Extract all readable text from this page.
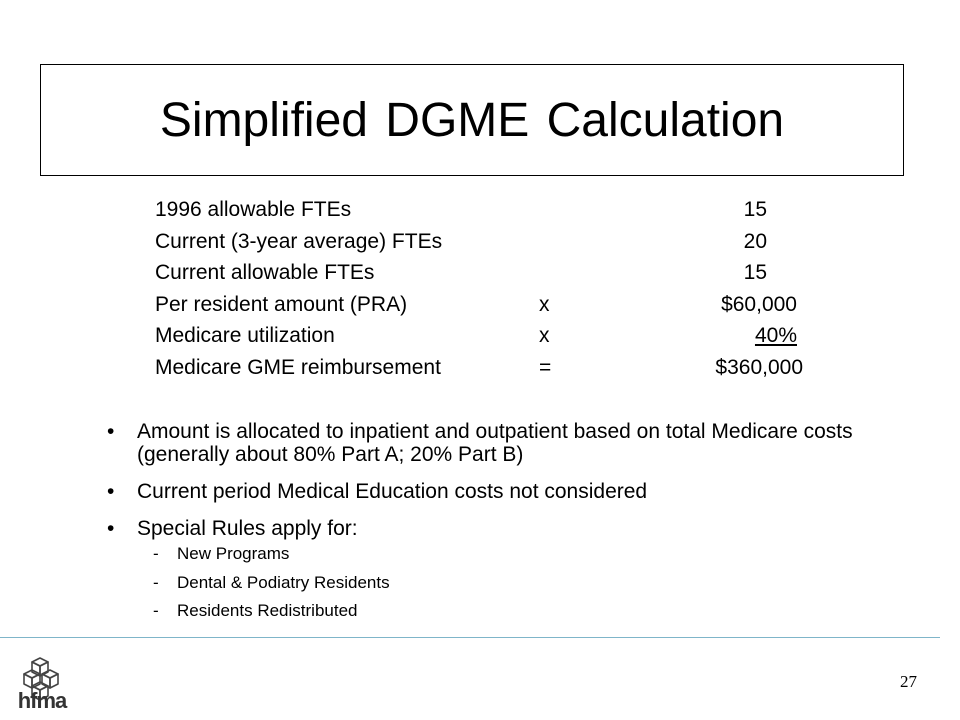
Simplified DGME Calculation
1996 allowable FTEs	15
Current (3-year average) FTEs	20
Current allowable FTEs	15
Per resident amount (PRA)	x	$60,000
Medicare utilization	x	40%
Medicare GME reimbursement	=	$360,000
• Amount is allocated to inpatient and outpatient based on total Medicare costs (generally about 80% Part A; 20% Part B)
• Current period Medical Education costs not considered
• Special Rules apply for:
- New Programs
- Dental & Podiatry Residents
- Residents Redistributed
hfma
27
